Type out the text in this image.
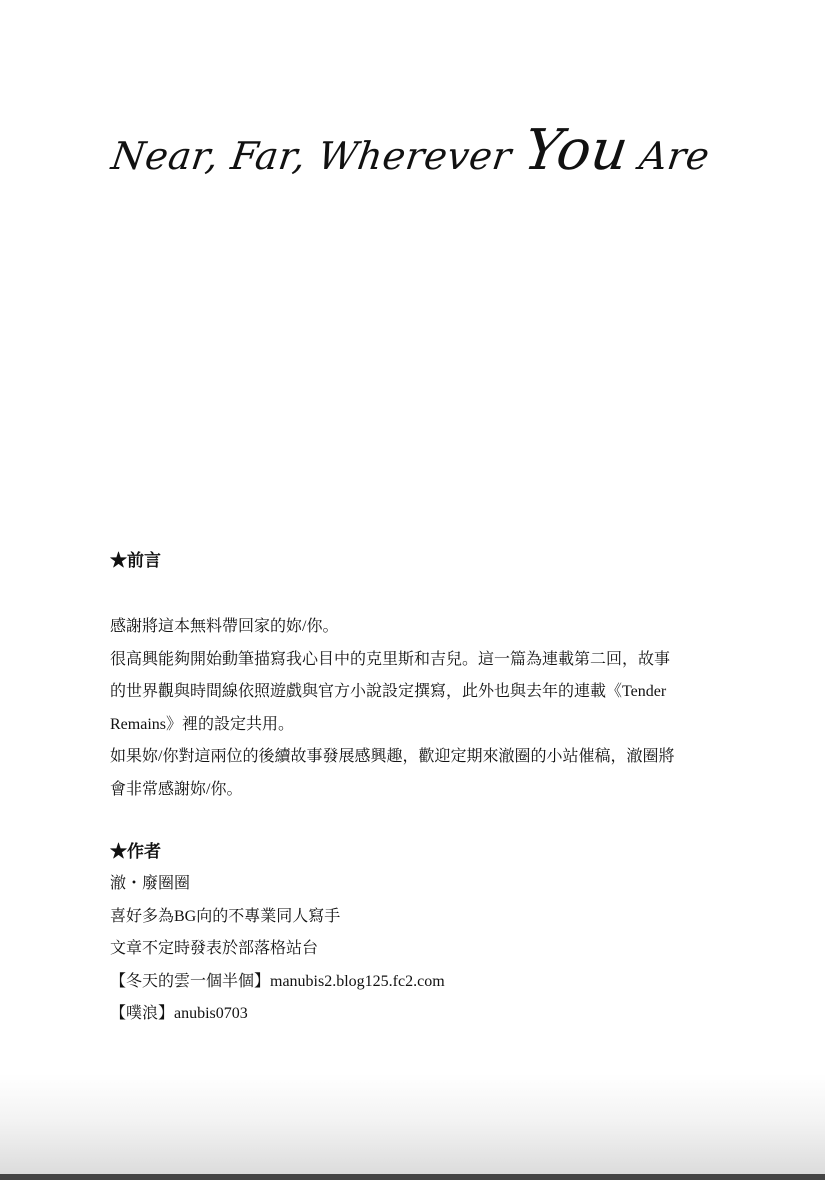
Near, Far, Wherever You Are

★前言

感謝將這本無料帶回家的妳/你。

很高興能夠開始動筆描寫我心目中的克里斯和吉兒。這一篇為連載第二回，故事

的世界觀與時間線依照遊戲與官方小說設定撰寫，此外也與去年的連載《Tender

Remains》裡的設定共用。

如果妳/你對這兩位的後續故事發展感興趣，歡迎定期來澈圈的小站催稿，澈圈將

會非常感謝妳/你。

★作者

澈・廢圈圈

喜好多為BG向的不專業同人寫手

文章不定時發表於部落格站台

【冬天的雲一個半個】manubis2.blog125.fc2.com

【噗浪】anubis0703
